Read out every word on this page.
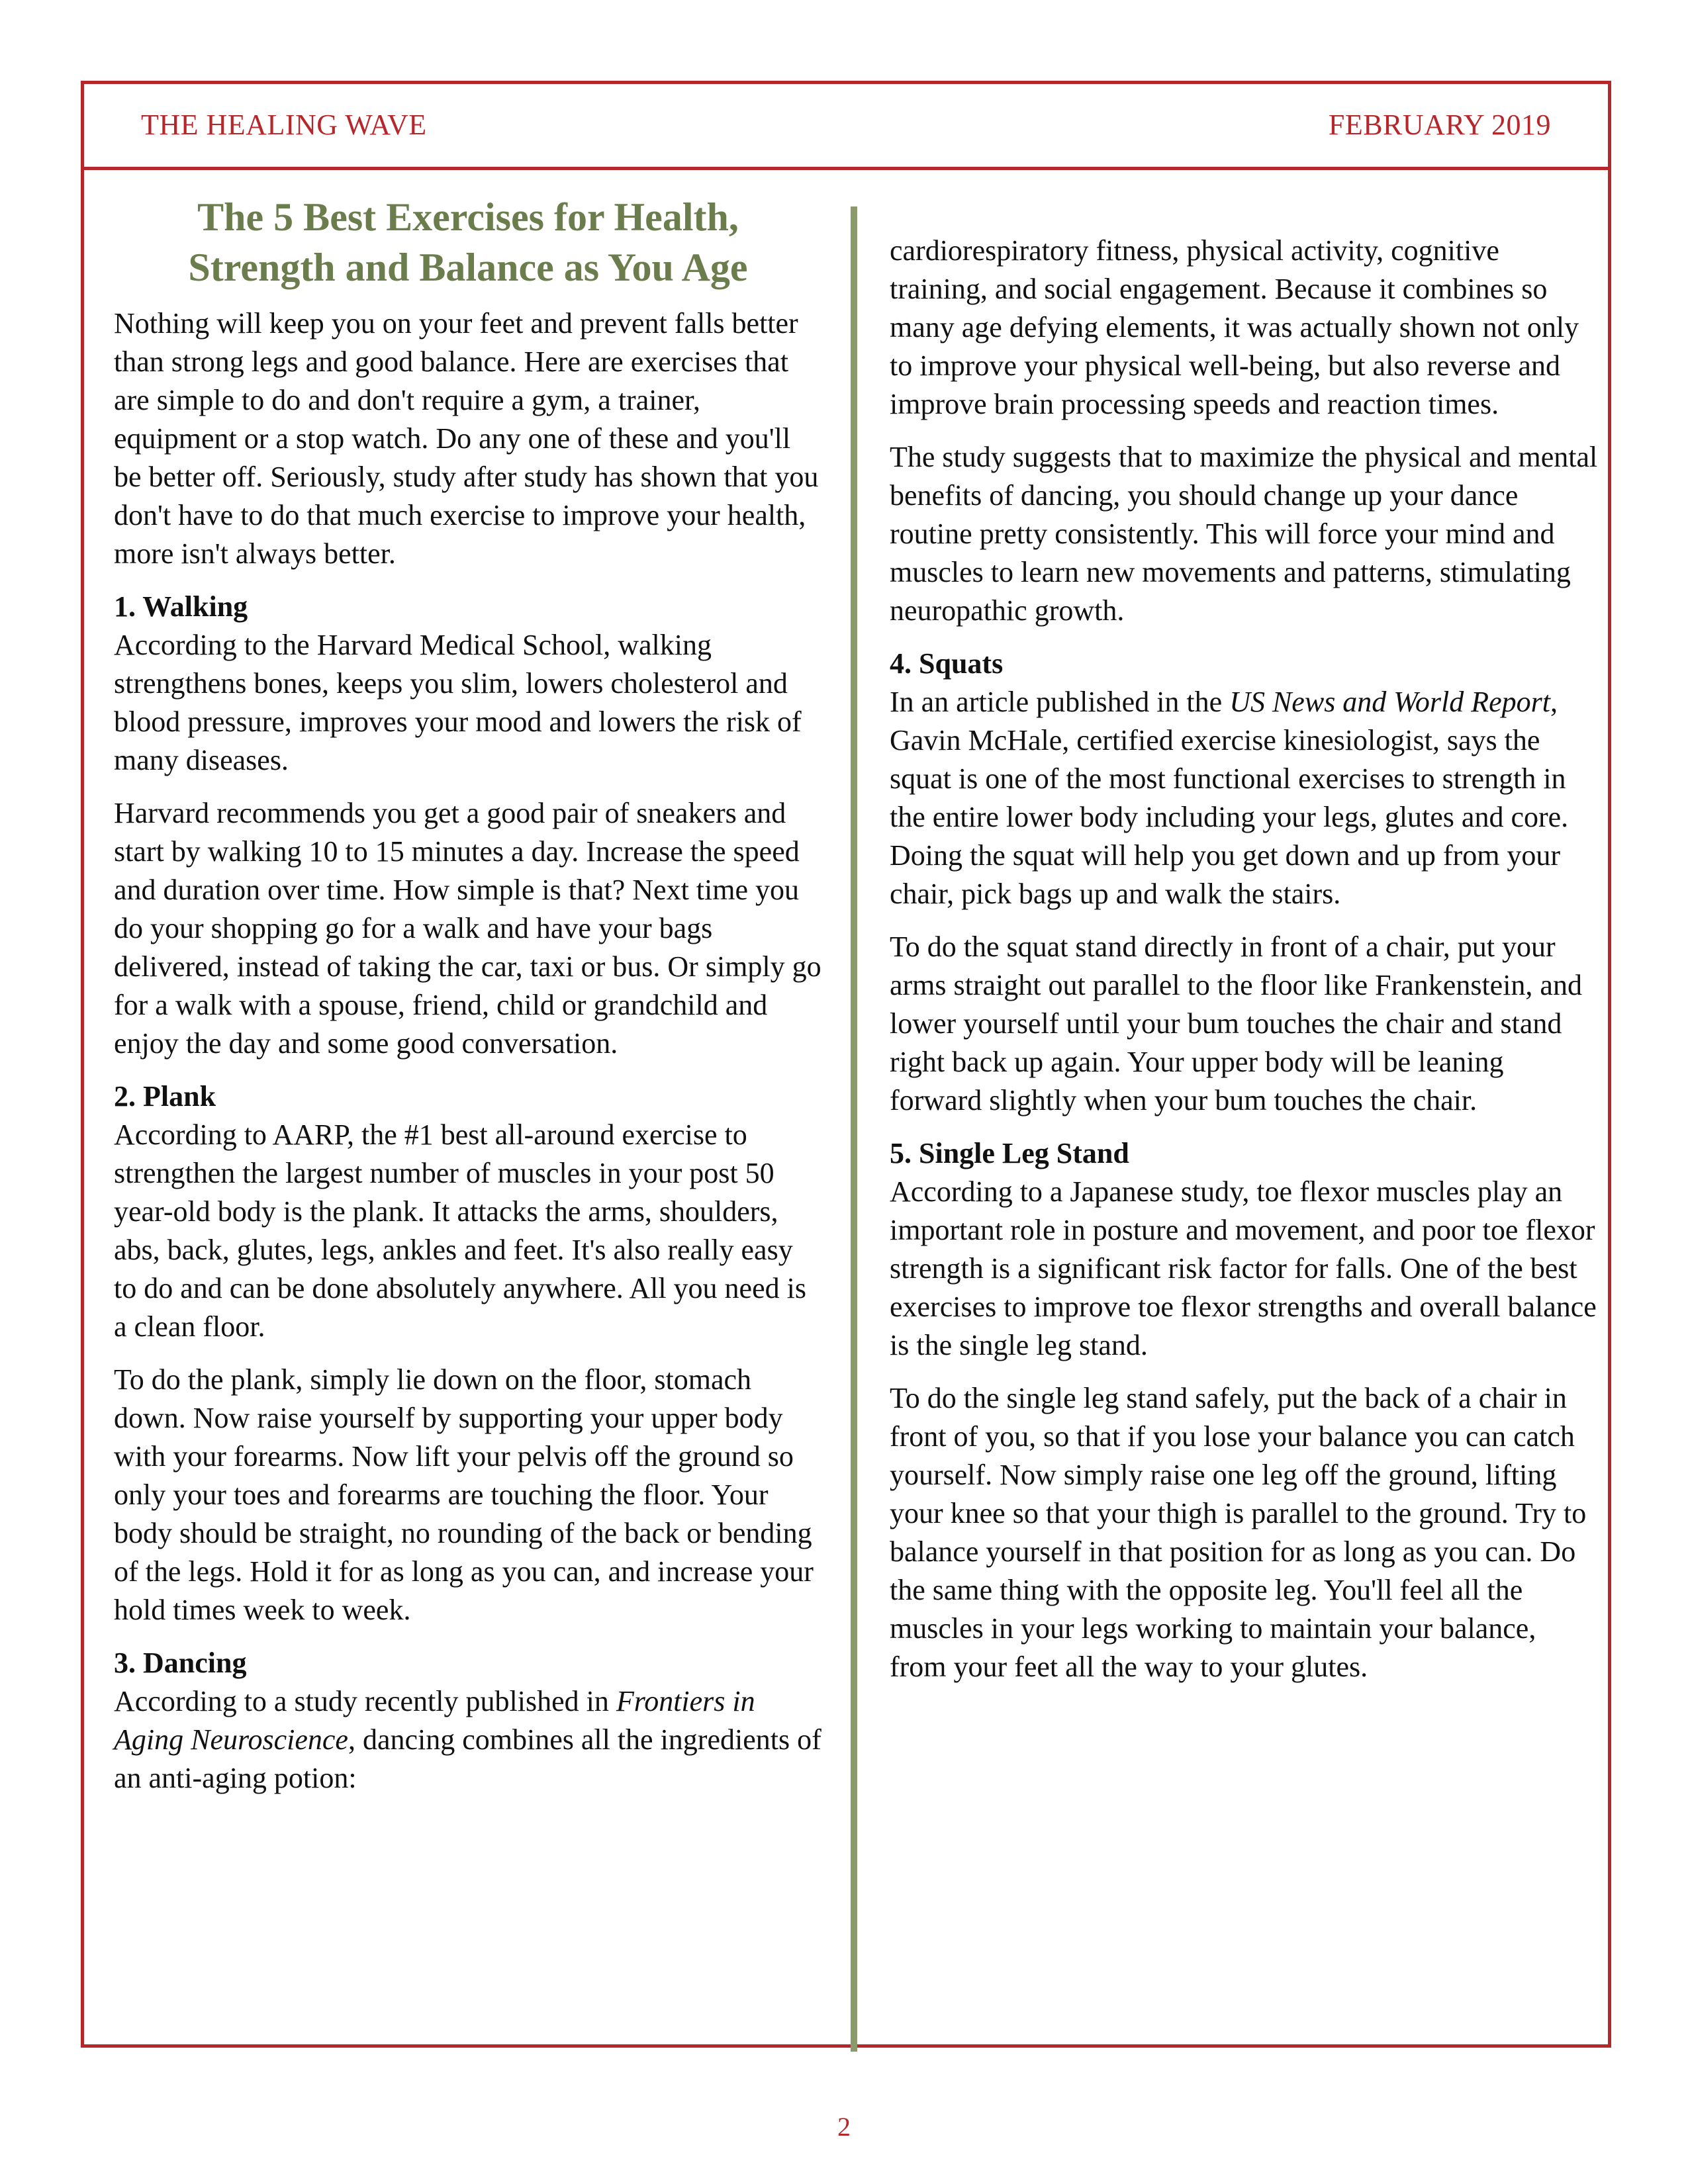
THE HEALING WAVE	FEBRUARY 2019
The 5 Best Exercises for Health,
Strength and Balance as You Age

Nothing will keep you on your feet and prevent falls better than strong legs and good balance. Here are exercises that are simple to do and don't require a gym, a trainer, equipment or a stop watch. Do any one of these and you'll be better off. Seriously, study after study has shown that you don't have to do that much exercise to improve your health, more isn't always better.

1. Walking

According to the Harvard Medical School, walking strengthens bones, keeps you slim, lowers cholesterol and blood pressure, improves your mood and lowers the risk of many diseases.

Harvard recommends you get a good pair of sneakers and start by walking 10 to 15 minutes a day. Increase the speed and duration over time. How simple is that? Next time you do your shopping go for a walk and have your bags delivered, instead of taking the car, taxi or bus. Or simply go for a walk with a spouse, friend, child or grandchild and enjoy the day and some good conversation.

2. Plank

According to AARP, the #1 best all-around exercise to strengthen the largest number of muscles in your post 50 year-old body is the plank. It attacks the arms, shoulders, abs, back, glutes, legs, ankles and feet. It's also really easy to do and can be done absolutely anywhere. All you need is a clean floor.

To do the plank, simply lie down on the floor, stomach down. Now raise yourself by supporting your upper body with your forearms. Now lift your pelvis off the ground so only your toes and forearms are touching the floor. Your body should be straight, no rounding of the back or bending of the legs. Hold it for as long as you can, and increase your hold times week to week.

3. Dancing

According to a study recently published in Frontiers in Aging Neuroscience, dancing combines all the ingredients of an anti-aging potion:

cardiorespiratory fitness, physical activity, cognitive training, and social engagement. Because it combines so many age defying elements, it was actually shown not only to improve your physical well-being, but also reverse and improve brain processing speeds and reaction times.

The study suggests that to maximize the physical and mental benefits of dancing, you should change up your dance routine pretty consistently. This will force your mind and muscles to learn new movements and patterns, stimulating neuropathic growth.

4. Squats

In an article published in the US News and World Report, Gavin McHale, certified exercise kinesiologist, says the squat is one of the most functional exercises to strength in the entire lower body including your legs, glutes and core. Doing the squat will help you get down and up from your chair, pick bags up and walk the stairs.

To do the squat stand directly in front of a chair, put your arms straight out parallel to the floor like Frankenstein, and lower yourself until your bum touches the chair and stand right back up again. Your upper body will be leaning forward slightly when your bum touches the chair.

5. Single Leg Stand

According to a Japanese study, toe flexor muscles play an important role in posture and movement, and poor toe flexor strength is a significant risk factor for falls. One of the best exercises to improve toe flexor strengths and overall balance is the single leg stand.

To do the single leg stand safely, put the back of a chair in front of you, so that if you lose your balance you can catch yourself. Now simply raise one leg off the ground, lifting your knee so that your thigh is parallel to the ground. Try to balance yourself in that position for as long as you can. Do the same thing with the opposite leg. You'll feel all the muscles in your legs working to maintain your balance, from your feet all the way to your glutes.

2
